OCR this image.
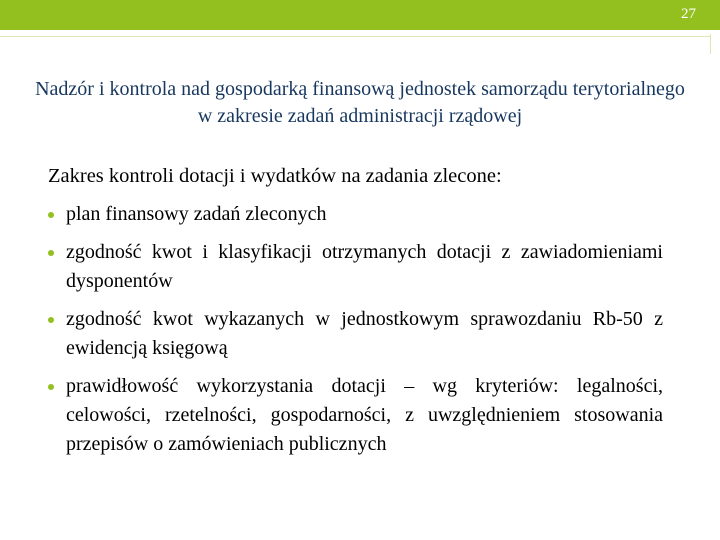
27
Nadzór i kontrola nad gospodarką finansową jednostek samorządu terytorialnego w zakresie zadań administracji rządowej
Zakres kontroli dotacji i wydatków na zadania zlecone:
plan finansowy zadań zleconych
zgodność kwot i klasyfikacji otrzymanych dotacji z zawiadomieniami dysponentów
zgodność kwot wykazanych w jednostkowym sprawozdaniu Rb-50 z ewidencją księgową
prawidłowość wykorzystania dotacji – wg kryteriów: legalności, celowości, rzetelności, gospodarności, z uwzględnieniem stosowania przepisów o zamówieniach publicznych
